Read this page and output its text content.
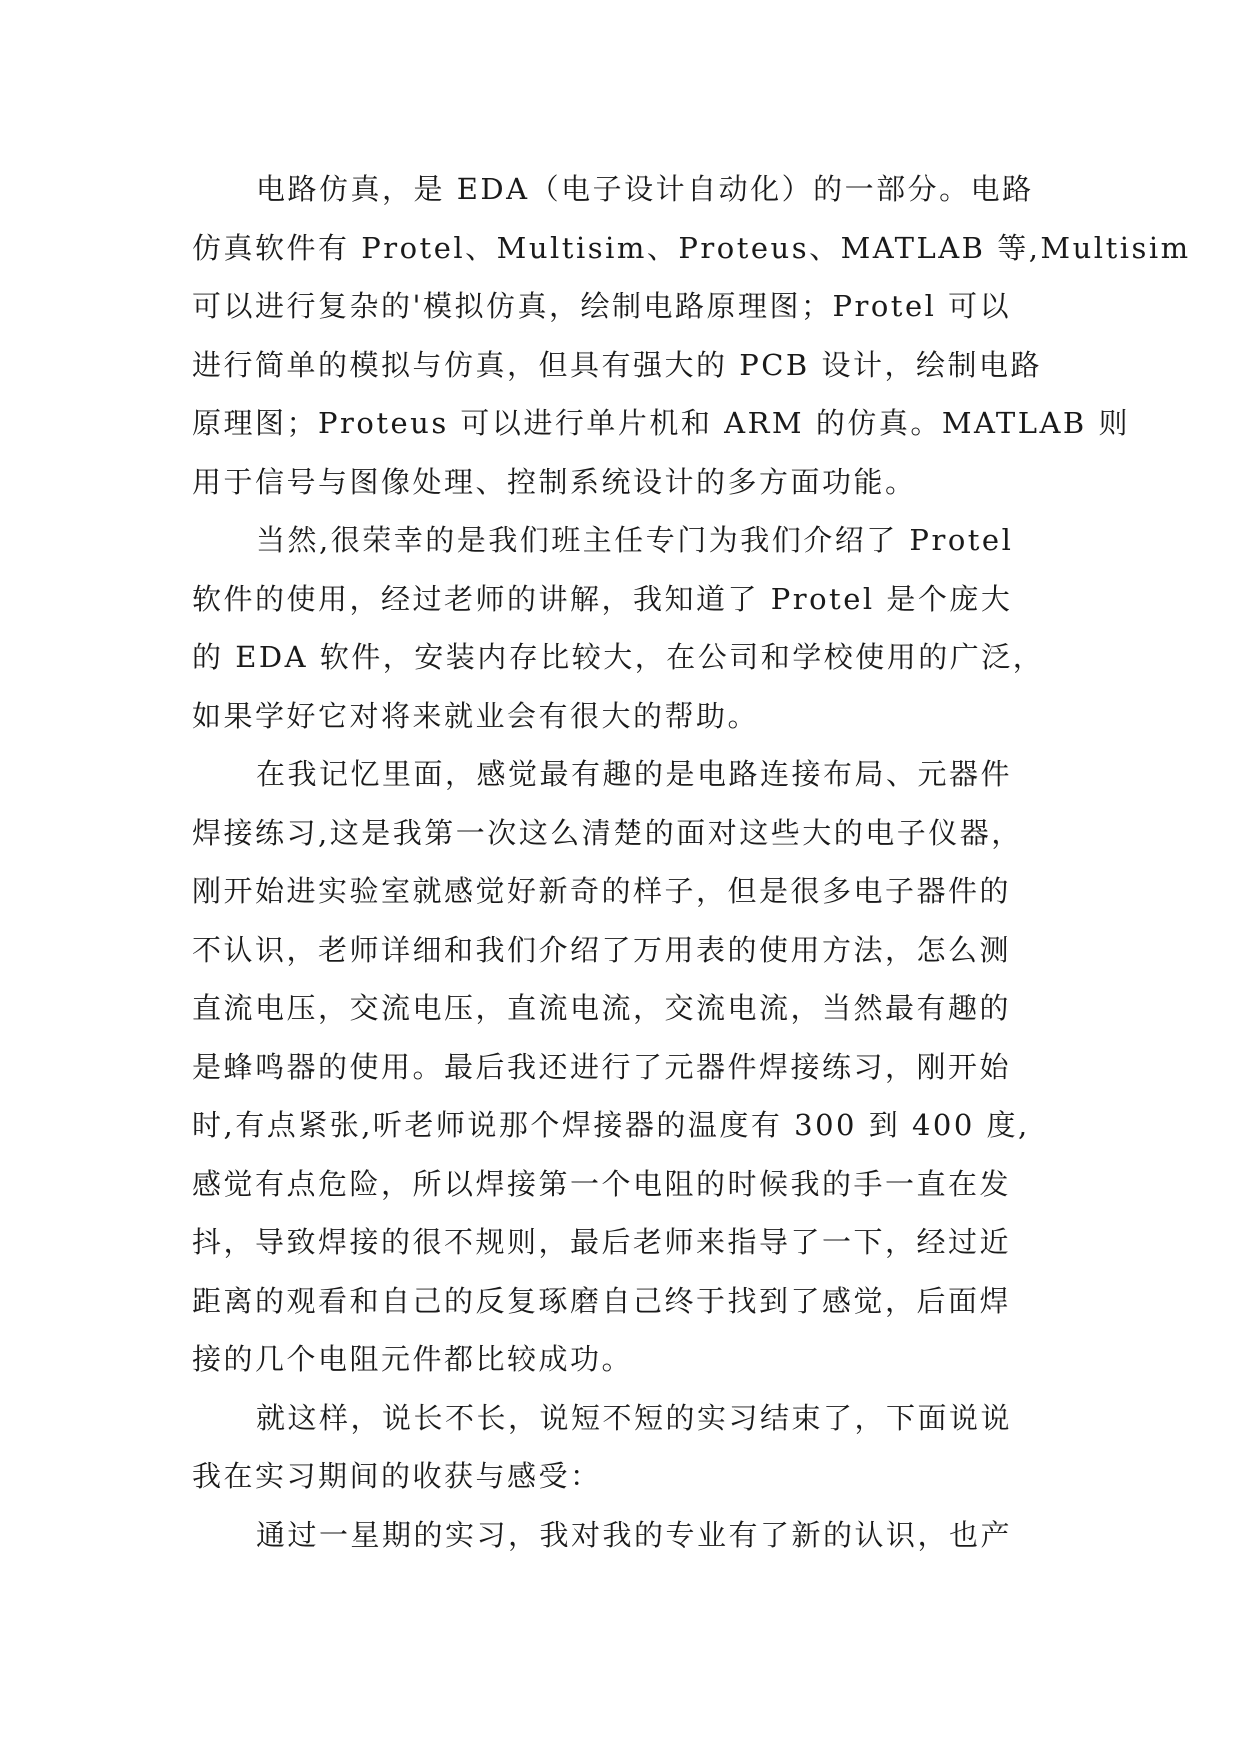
电路仿真，是 EDA（电子设计自动化）的一部分。电路
仿真软件有 Protel、Multisim、Proteus、MATLAB 等,Multisim
可以进行复杂的'模拟仿真，绘制电路原理图；Protel 可以
进行简单的模拟与仿真，但具有强大的 PCB 设计，绘制电路
原理图；Proteus 可以进行单片机和 ARM 的仿真。MATLAB 则
用于信号与图像处理、控制系统设计的多方面功能。
当然,很荣幸的是我们班主任专门为我们介绍了 Protel
软件的使用，经过老师的讲解，我知道了 Protel 是个庞大
的 EDA 软件，安装内存比较大，在公司和学校使用的广泛，
如果学好它对将来就业会有很大的帮助。
在我记忆里面，感觉最有趣的是电路连接布局、元器件
焊接练习,这是我第一次这么清楚的面对这些大的电子仪器，
刚开始进实验室就感觉好新奇的样子，但是很多电子器件的
不认识，老师详细和我们介绍了万用表的使用方法，怎么测
直流电压，交流电压，直流电流，交流电流，当然最有趣的
是蜂鸣器的使用。最后我还进行了元器件焊接练习，刚开始
时,有点紧张,听老师说那个焊接器的温度有 300 到 400 度,
感觉有点危险，所以焊接第一个电阻的时候我的手一直在发
抖，导致焊接的很不规则，最后老师来指导了一下，经过近
距离的观看和自己的反复琢磨自己终于找到了感觉，后面焊
接的几个电阻元件都比较成功。
就这样，说长不长，说短不短的实习结束了，下面说说
我在实习期间的收获与感受：
通过一星期的实习，我对我的专业有了新的认识，也产
